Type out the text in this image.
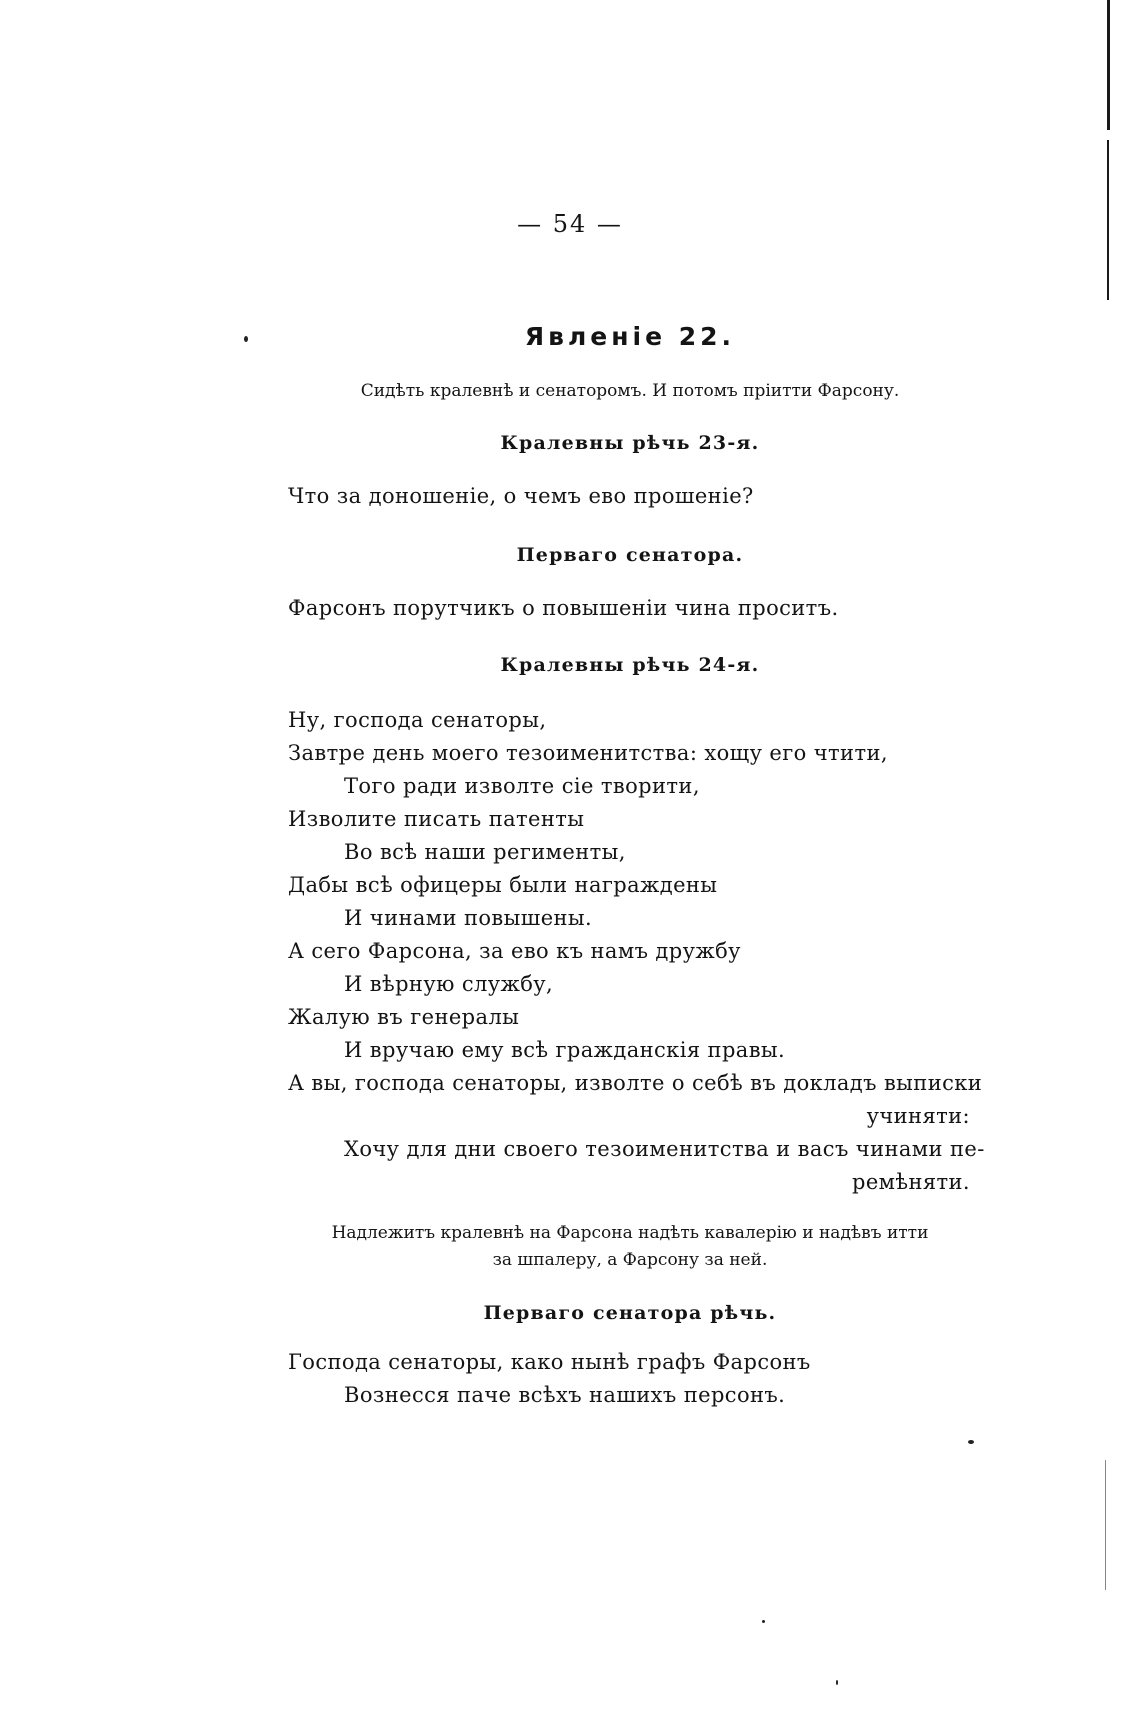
— 54 —
Явленіе 22.
Сидѣть кралевнѣ и сенаторомъ. И потомъ пріитти Фарсону.
Кралевны рѣчь 23-я.
Что за доношеніе, о чемъ ево прошеніе?
Перваго сенатора.
Фарсонъ порутчикъ о повышеніи чина проситъ.
Кралевны рѣчь 24-я.
Ну, господа сенаторы,
Завтре день моего тезоименитства: хощу его чтити,
Того ради изволте сіе творити,
Изволите писать патенты
Во всѣ наши регименты,
Дабы всѣ офицеры были награждены
И чинами повышены.
А сего Фарсона, за ево къ намъ дружбу
И вѣрную службу,
Жалую въ генералы
И вручаю ему всѣ гражданскія правы.
А вы, господа сенаторы, изволте о себѣ въ докладъ выписки
учиняти:
Хочу для дни своего тезоименитства и васъ чинами пе-
ремѣняти.
Надлежитъ кралевнѣ на Фарсона надѣть кавалерію и надѣвъ итти за шпалеру, а Фарсону за ней.
Перваго сенатора рѣчь.
Господа сенаторы, како нынѣ графъ Фарсонъ
Вознесся паче всѣхъ нашихъ персонъ.
